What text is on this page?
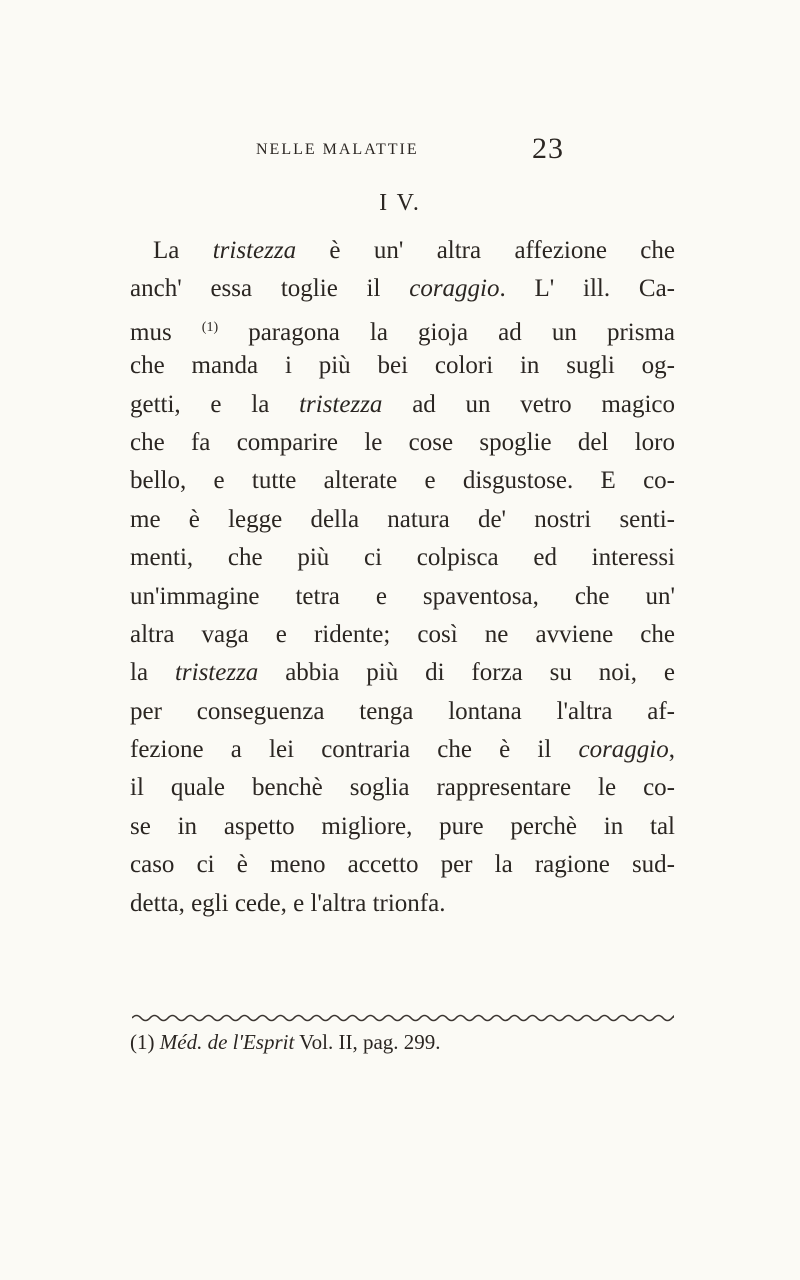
NELLE MALATTIE	23
I V.
La tristezza è un' altra affezione che
anch' essa toglie il coraggio. L' ill. Ca-
mus $^{(1)}$ paragona la gioja ad un prisma
che manda i più bei colori in sugli og-
getti, e la tristezza ad un vetro magico
che fa comparire le cose spoglie del loro
bello, e tutte alterate e disgustose. E co-
me è legge della natura de' nostri senti-
menti, che più ci colpisca ed interessi
un'immagine tetra e spaventosa, che un'
altra vaga e ridente; così ne avviene che
la tristezza abbia più di forza su noi, e
per conseguenza tenga lontana l'altra af-
fezione a lei contraria che è il coraggio,
il quale benchè soglia rappresentare le co-
se in aspetto migliore, pure perchè in tal
caso ci è meno accetto per la ragione sud-
detta, egli cede, e l'altra trionfa.
(1) Méd. de l'Esprit Vol. II, pag. 299.
